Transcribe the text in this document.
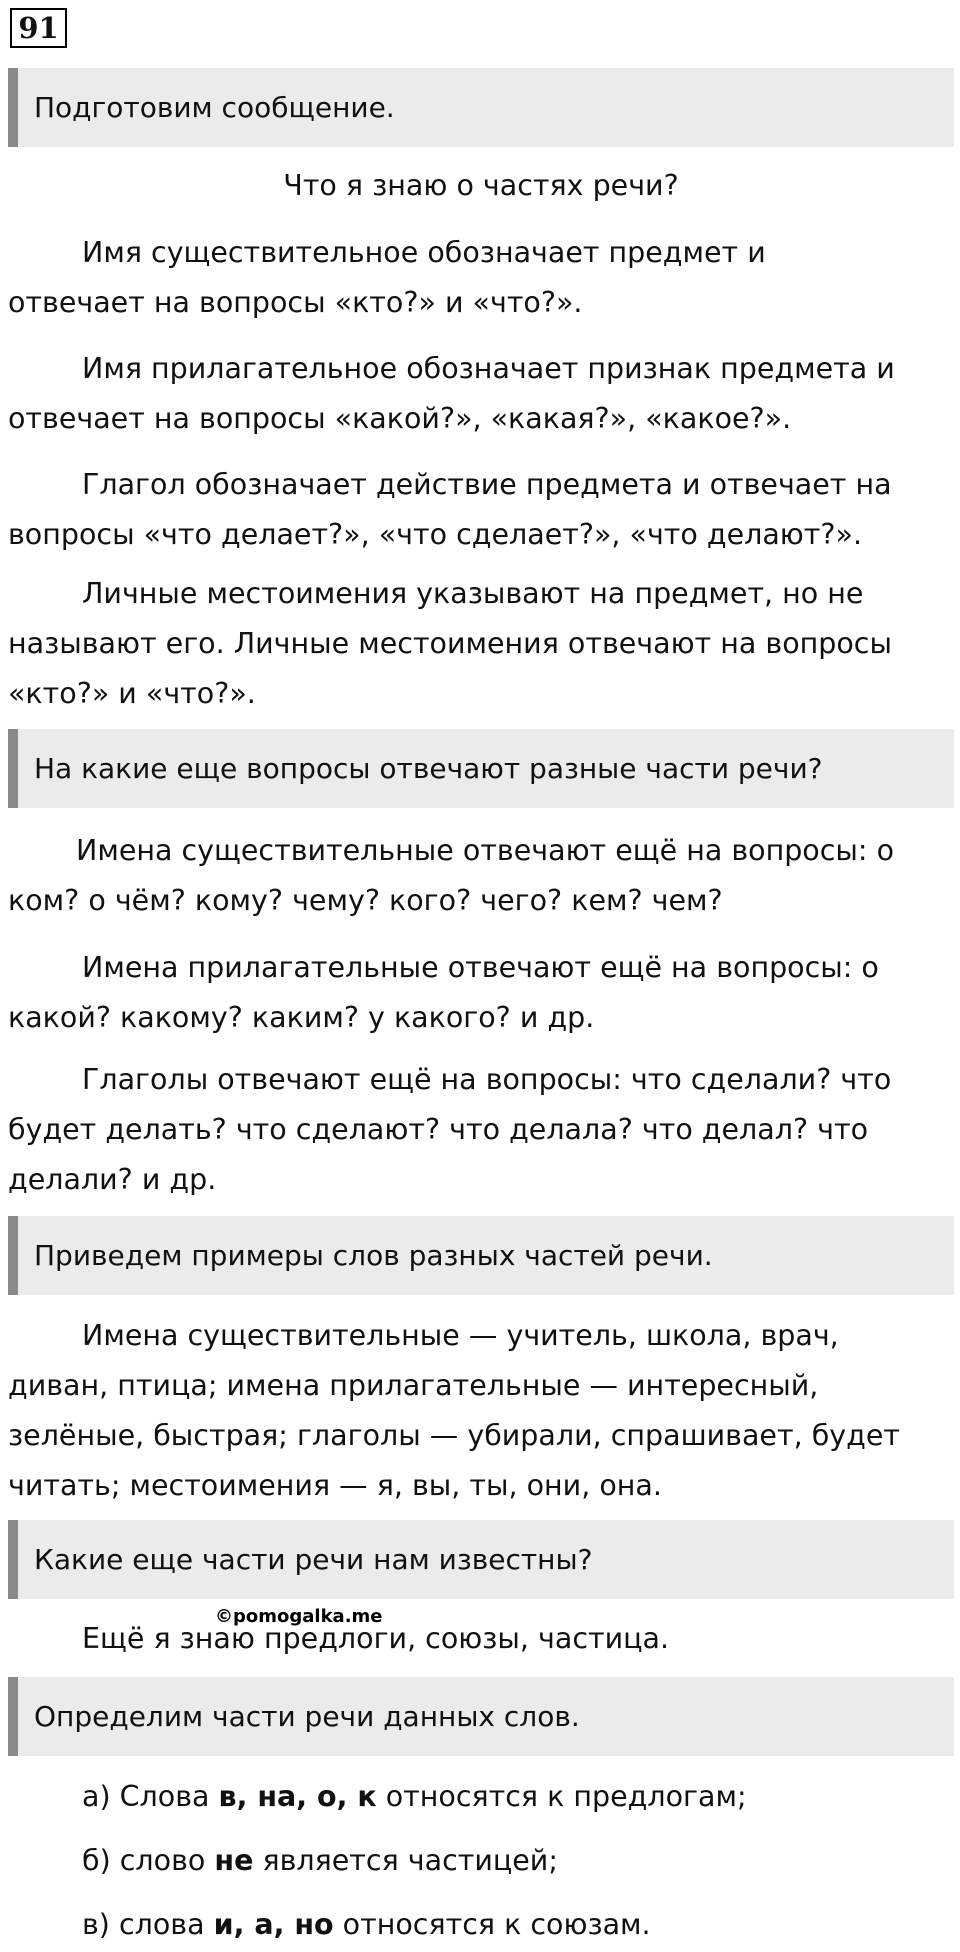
91
Подготовим сообщение.

Что я знаю о частях речи?

Имя существительное обозначает предмет и
отвечает на вопросы «кто?» и «что?».

Имя прилагательное обозначает признак предмета и
отвечает на вопросы «какой?», «какая?», «какое?».

Глагол обозначает действие предмета и отвечает на
вопросы «что делает?», «что сделает?», «что делают?».

Личные местоимения указывают на предмет, но не
называют его. Личные местоимения отвечают на вопросы
«кто?» и «что?».

На какие еще вопросы отвечают разные части речи?

Имена существительные отвечают ещё на вопросы: о
ком? о чём? кому? чему? кого? чего? кем? чем?

Имена прилагательные отвечают ещё на вопросы: о
какой? какому? каким? у какого? и др.

Глаголы отвечают ещё на вопросы: что сделали? что
будет делать? что сделают? что делала? что делал? что
делали? и др.

Приведем примеры слов разных частей речи.

Имена существительные — учитель, школа, врач,
диван, птица; имена прилагательные — интересный,
зелёные, быстрая; глаголы — убирали, спрашивает, будет
читать; местоимения — я, вы, ты, они, она.

Какие еще части речи нам известны?
©pomogalka.me

Ещё я знаю предлоги, союзы, частица.

Определим части речи данных слов.

а) Слова в, на, о, к относятся к предлогам;

б) слово не является частицей;

в) слова и, а, но относятся к союзам.
